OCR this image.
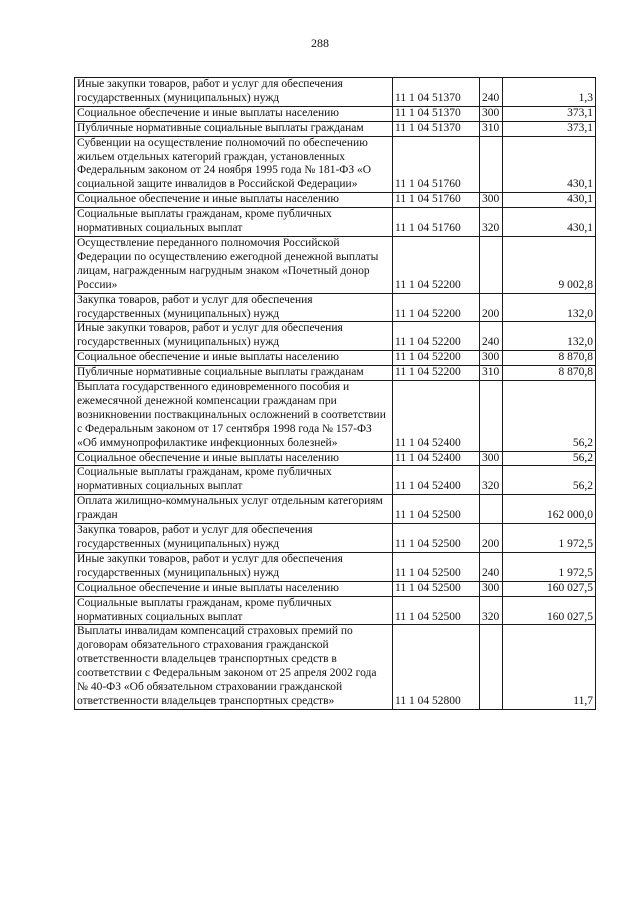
288
Иные закупки товаров, работ и услуг для обеспечения государственных (муниципальных) нужд	11 1 04 51370	240	1,3

Социальное обеспечение и иные выплаты населению	11 1 04 51370	300	373,1

Публичные нормативные социальные выплаты гражданам	11 1 04 51370	310	373,1

Субвенции на осуществление полномочий по обеспечению жильем отдельных категорий граждан, установленных Федеральным законом от 24 ноября 1995 года № 181-ФЗ «О социальной защите инвалидов в Российской Федерации»	11 1 04 51760		430,1

Социальное обеспечение и иные выплаты населению	11 1 04 51760	300	430,1

Социальные выплаты гражданам, кроме публичных нормативных социальных выплат	11 1 04 51760	320	430,1

Осуществление переданного полномочия Российской Федерации по осуществлению ежегодной денежной выплаты лицам, награжденным нагрудным знаком «Почетный донор России»	11 1 04 52200		9 002,8

Закупка товаров, работ и услуг для обеспечения государственных (муниципальных) нужд	11 1 04 52200	200	132,0

Иные закупки товаров, работ и услуг для обеспечения государственных (муниципальных) нужд	11 1 04 52200	240	132,0

Социальное обеспечение и иные выплаты населению	11 1 04 52200	300	8 870,8

Публичные нормативные социальные выплаты гражданам	11 1 04 52200	310	8 870,8

Выплата государственного единовременного пособия и ежемесячной денежной компенсации гражданам при возникновении поствакцинальных осложнений в соответствии с Федеральным законом от 17 сентября 1998 года № 157-ФЗ «Об иммунопрофилактике инфекционных болезней»	11 1 04 52400		56,2

Социальное обеспечение и иные выплаты населению	11 1 04 52400	300	56,2

Социальные выплаты гражданам, кроме публичных нормативных социальных выплат	11 1 04 52400	320	56,2

Оплата жилищно-коммунальных услуг отдельным категориям граждан	11 1 04 52500		162 000,0

Закупка товаров, работ и услуг для обеспечения государственных (муниципальных) нужд	11 1 04 52500	200	1 972,5

Иные закупки товаров, работ и услуг для обеспечения государственных (муниципальных) нужд	11 1 04 52500	240	1 972,5

Социальное обеспечение и иные выплаты населению	11 1 04 52500	300	160 027,5

Социальные выплаты гражданам, кроме публичных нормативных социальных выплат	11 1 04 52500	320	160 027,5

Выплаты инвалидам компенсаций страховых премий по договорам обязательного страхования гражданской ответственности владельцев транспортных средств в соответствии с Федеральным законом от 25 апреля 2002 года № 40-ФЗ «Об обязательном страховании гражданской ответственности владельцев транспортных средств»	11 1 04 52800		11,7
